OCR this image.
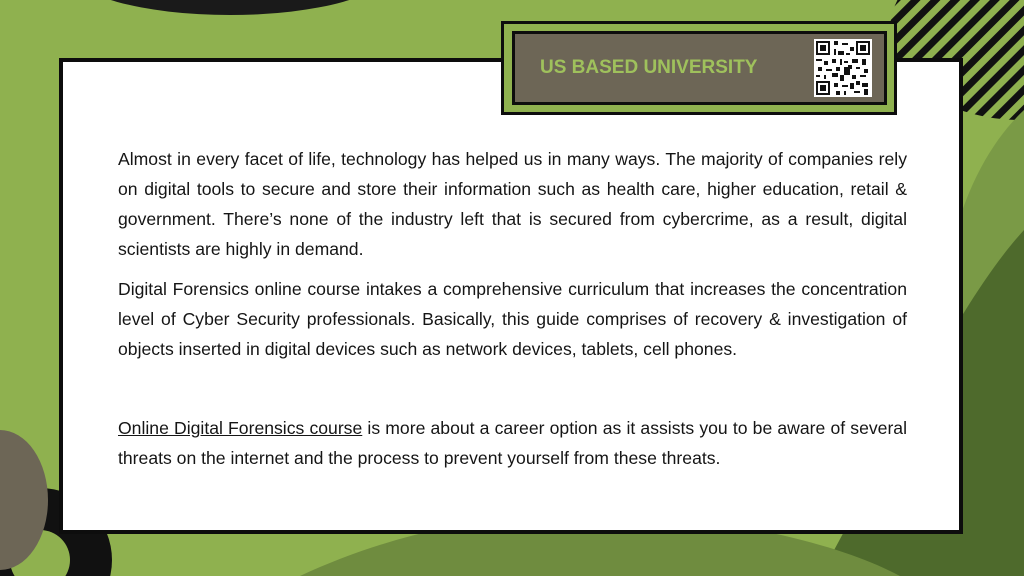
US BASED UNIVERSITY

Almost in every facet of life, technology has helped us in many ways. The majority of companies rely on digital tools to secure and store their information such as health care, higher education, retail & government. There’s none of the industry left that is secured from cybercrime, as a result, digital scientists are highly in demand.

Digital Forensics online course intakes a comprehensive curriculum that increases the concentration level of Cyber Security professionals. Basically, this guide comprises of recovery & investigation of objects inserted in digital devices such as network devices, tablets, cell phones.

Online Digital Forensics course is more about a career option as it assists you to be aware of several threats on the internet and the process to prevent yourself from these threats.
